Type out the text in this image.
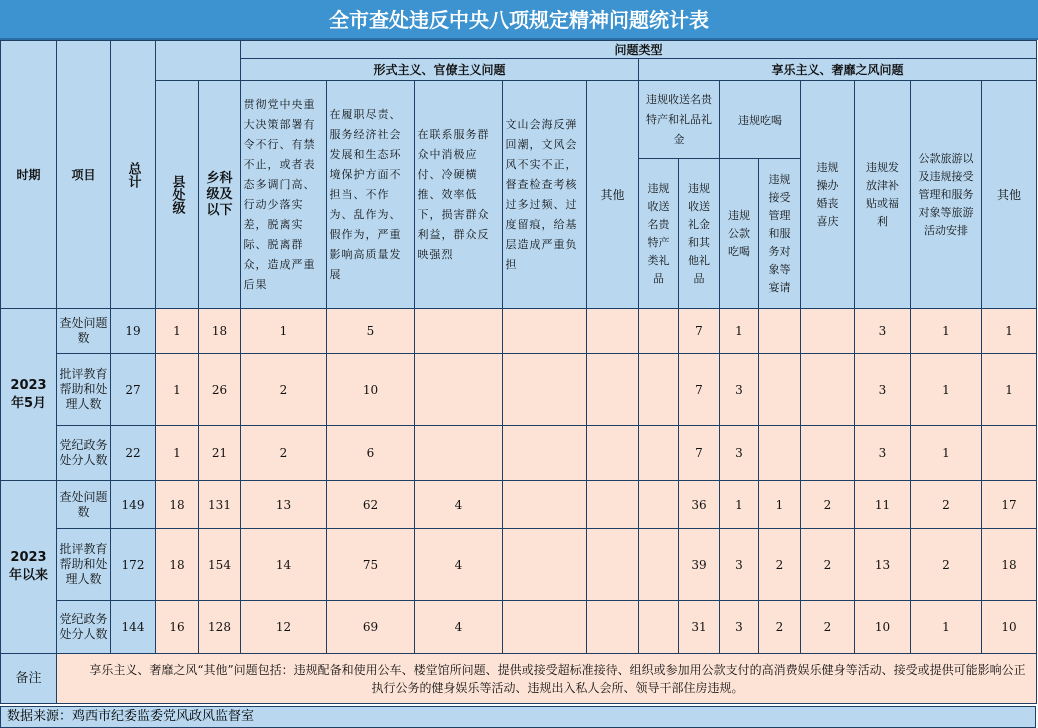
全市查处违反中央八项规定精神问题统计表
时期	项目	总计			问题类型												
					形式主义、官僚主义问题					享乐主义、奢靡之风问题							

			县处级	乡科级及以下	贯彻党中央重大决策部署有令不行、有禁不止，或者表态多调门高、行动少落实差，脱离实际、脱离群众，造成严重后果	在履职尽责、服务经济社会发展和生态环境保护方面不担当、不作为、乱作为、假作为，严重影响高质量发展	在联系服务群众中消极应付、冷硬横推、效率低下，损害群众利益，群众反映强烈	文山会海反弹回潮，文风会风不实不正，督查检查考核过多过频、过度留痕，给基层造成严重负担	其他	违规收送名贵特产和礼品礼金		违规吃喝		违规操办婚丧喜庆	违规发放津补贴或福利	公款旅游以及违规接受管理和服务对象等旅游活动安排	其他

										违规收送名贵特产类礼品	违规收送礼金和其他礼品	违规公款吃喝	违规接受管理和服务对象等宴请				

2023年5月	查处问题数	19	1	18	1	5					7	1			3	1	1
	批评教育帮助和处理人数	27	1	26	2	10					7	3			3	1	1
	党纪政务处分人数	22	1	21	2	6					7	3			3	1	

2023年以来	查处问题数	149	18	131	13	62	4				36	1	1	2	11	2	17
	批评教育帮助和处理人数	172	18	154	14	75	4				39	3	2	2	13	2	18
	党纪政务处分人数	144	16	128	12	69	4				31	3	2	2	10	1	10
备注	享乐主义、奢靡之风“其他”问题包括：违规配备和使用公车、楼堂馆所问题、提供或接受超标准接待、组织或参加用公款支付的高消费娱乐健身等活动、接受或提供可能影响公正执行公务的健身娱乐等活动、违规出入私人会所、领导干部住房违规。																
数据来源：鸡西市纪委监委党风政风监督室
